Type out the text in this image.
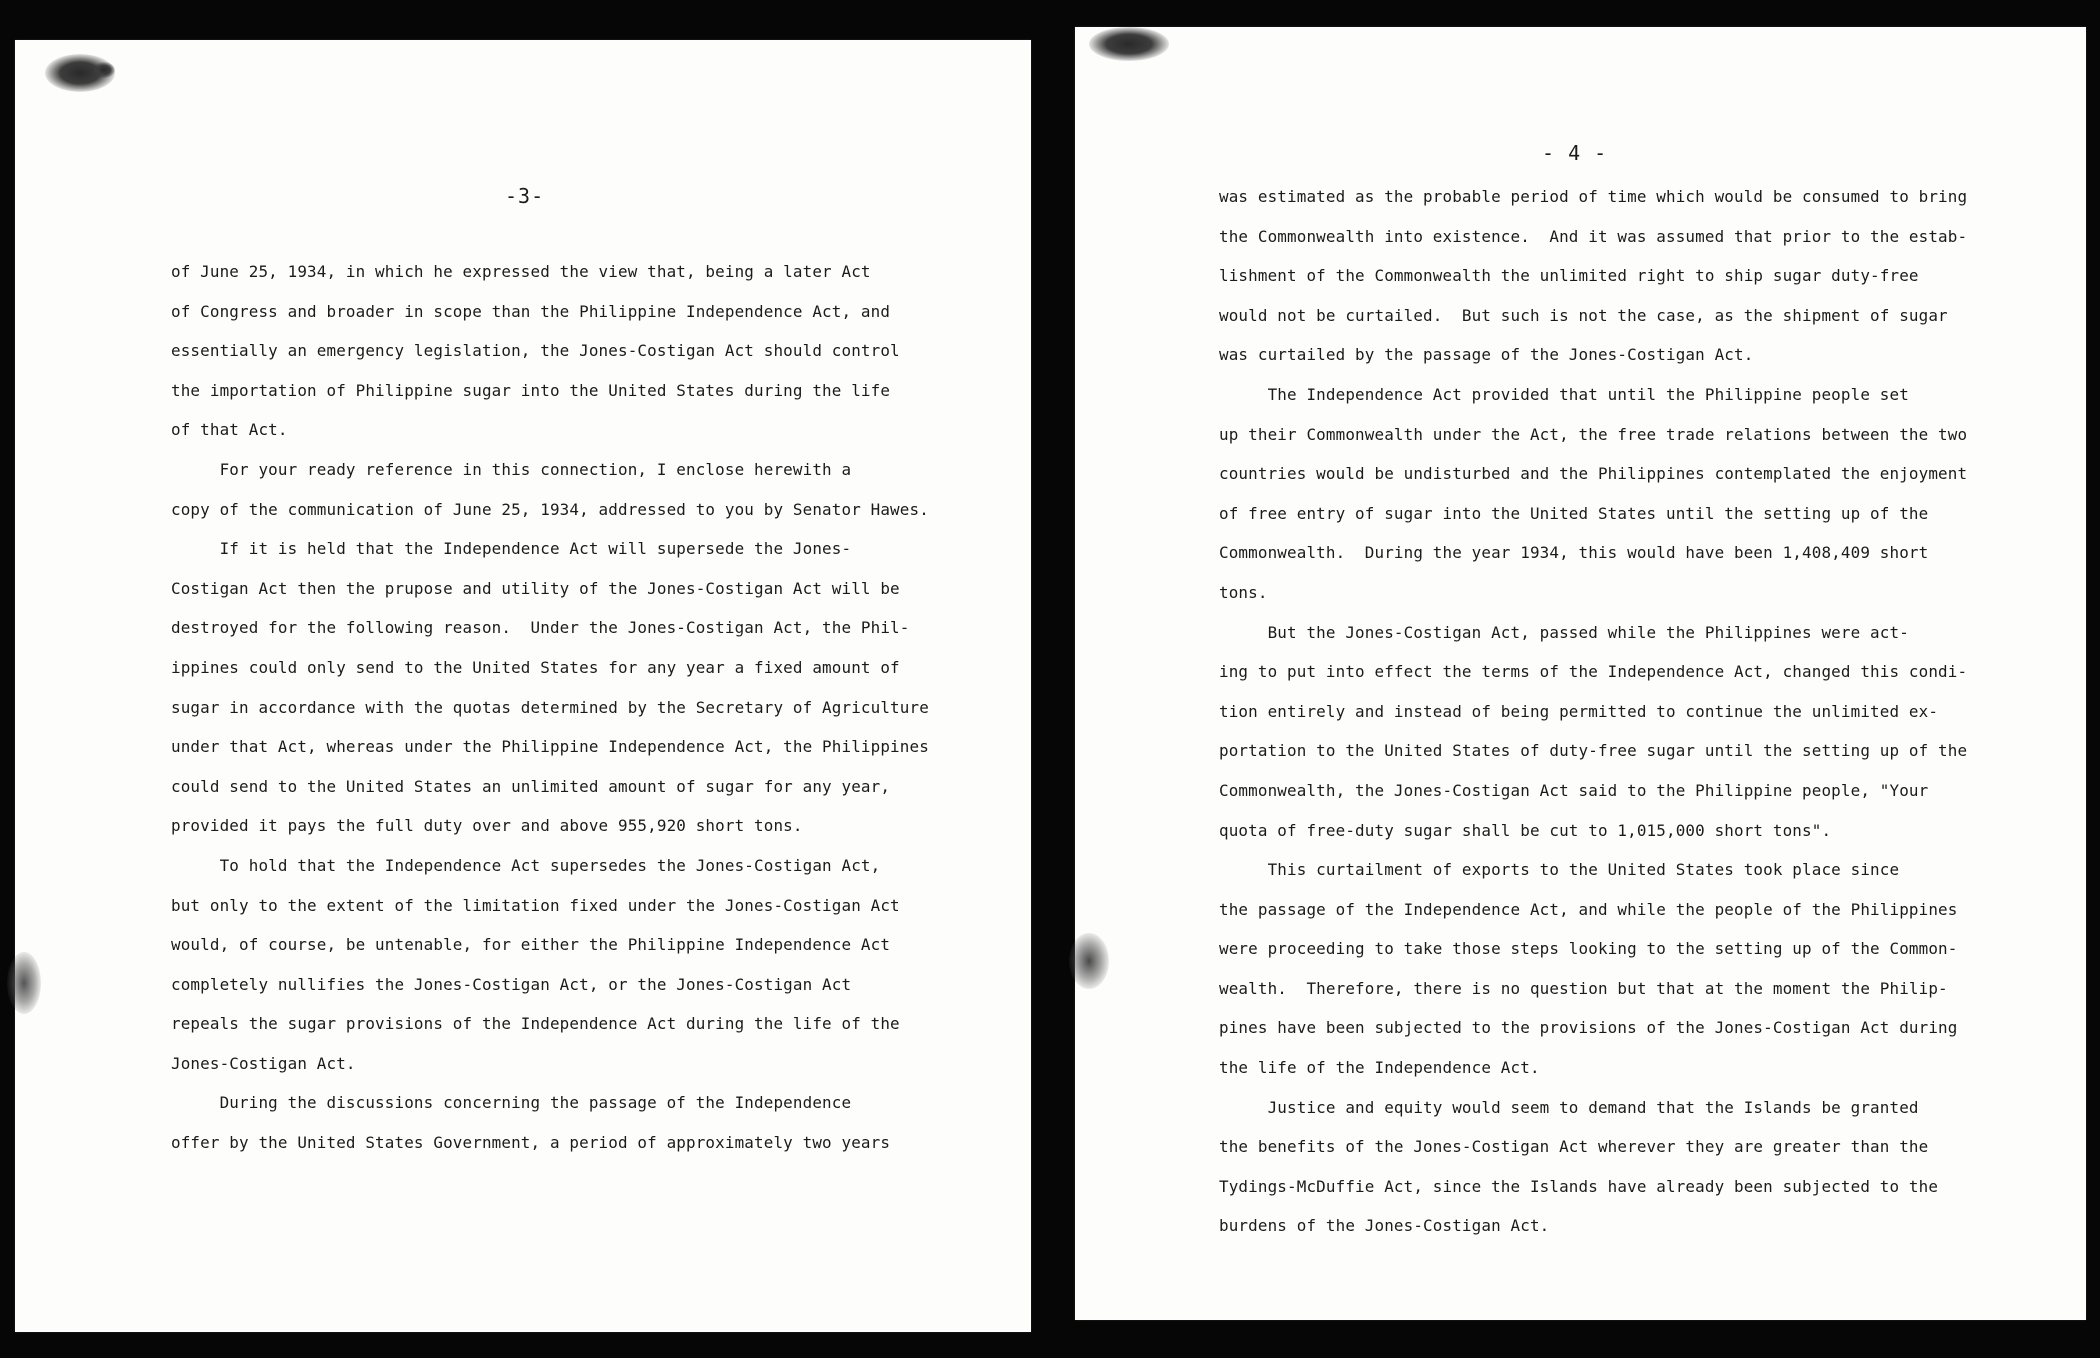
-3-
of June 25, 1934, in which he expressed the view that, being a later Act
of Congress and broader in scope than the Philippine Independence Act, and
essentially an emergency legislation, the Jones-Costigan Act should control
the importation of Philippine sugar into the United States during the life
of that Act.
For your ready reference in this connection, I enclose herewith a
copy of the communication of June 25, 1934, addressed to you by Senator Hawes.
If it is held that the Independence Act will supersede the Jones-
Costigan Act then the prupose and utility of the Jones-Costigan Act will be
destroyed for the following reason.  Under the Jones-Costigan Act, the Phil-
ippines could only send to the United States for any year a fixed amount of
sugar in accordance with the quotas determined by the Secretary of Agriculture
under that Act, whereas under the Philippine Independence Act, the Philippines
could send to the United States an unlimited amount of sugar for any year,
provided it pays the full duty over and above 955,920 short tons.
To hold that the Independence Act supersedes the Jones-Costigan Act,
but only to the extent of the limitation fixed under the Jones-Costigan Act
would, of course, be untenable, for either the Philippine Independence Act
completely nullifies the Jones-Costigan Act, or the Jones-Costigan Act
repeals the sugar provisions of the Independence Act during the life of the
Jones-Costigan Act.
During the discussions concerning the passage of the Independence
offer by the United States Government, a period of approximately two years
- 4 -
was estimated as the probable period of time which would be consumed to bring
the Commonwealth into existence.  And it was assumed that prior to the estab-
lishment of the Commonwealth the unlimited right to ship sugar duty-free
would not be curtailed.  But such is not the case, as the shipment of sugar
was curtailed by the passage of the Jones-Costigan Act.
The Independence Act provided that until the Philippine people set
up their Commonwealth under the Act, the free trade relations between the two
countries would be undisturbed and the Philippines contemplated the enjoyment
of free entry of sugar into the United States until the setting up of the
Commonwealth.  During the year 1934, this would have been 1,408,409 short
tons.
But the Jones-Costigan Act, passed while the Philippines were act-
ing to put into effect the terms of the Independence Act, changed this condi-
tion entirely and instead of being permitted to continue the unlimited ex-
portation to the United States of duty-free sugar until the setting up of the
Commonwealth, the Jones-Costigan Act said to the Philippine people, "Your
quota of free-duty sugar shall be cut to 1,015,000 short tons".
This curtailment of exports to the United States took place since
the passage of the Independence Act, and while the people of the Philippines
were proceeding to take those steps looking to the setting up of the Common-
wealth.  Therefore, there is no question but that at the moment the Philip-
pines have been subjected to the provisions of the Jones-Costigan Act during
the life of the Independence Act.
Justice and equity would seem to demand that the Islands be granted
the benefits of the Jones-Costigan Act wherever they are greater than the
Tydings-McDuffie Act, since the Islands have already been subjected to the
burdens of the Jones-Costigan Act.
